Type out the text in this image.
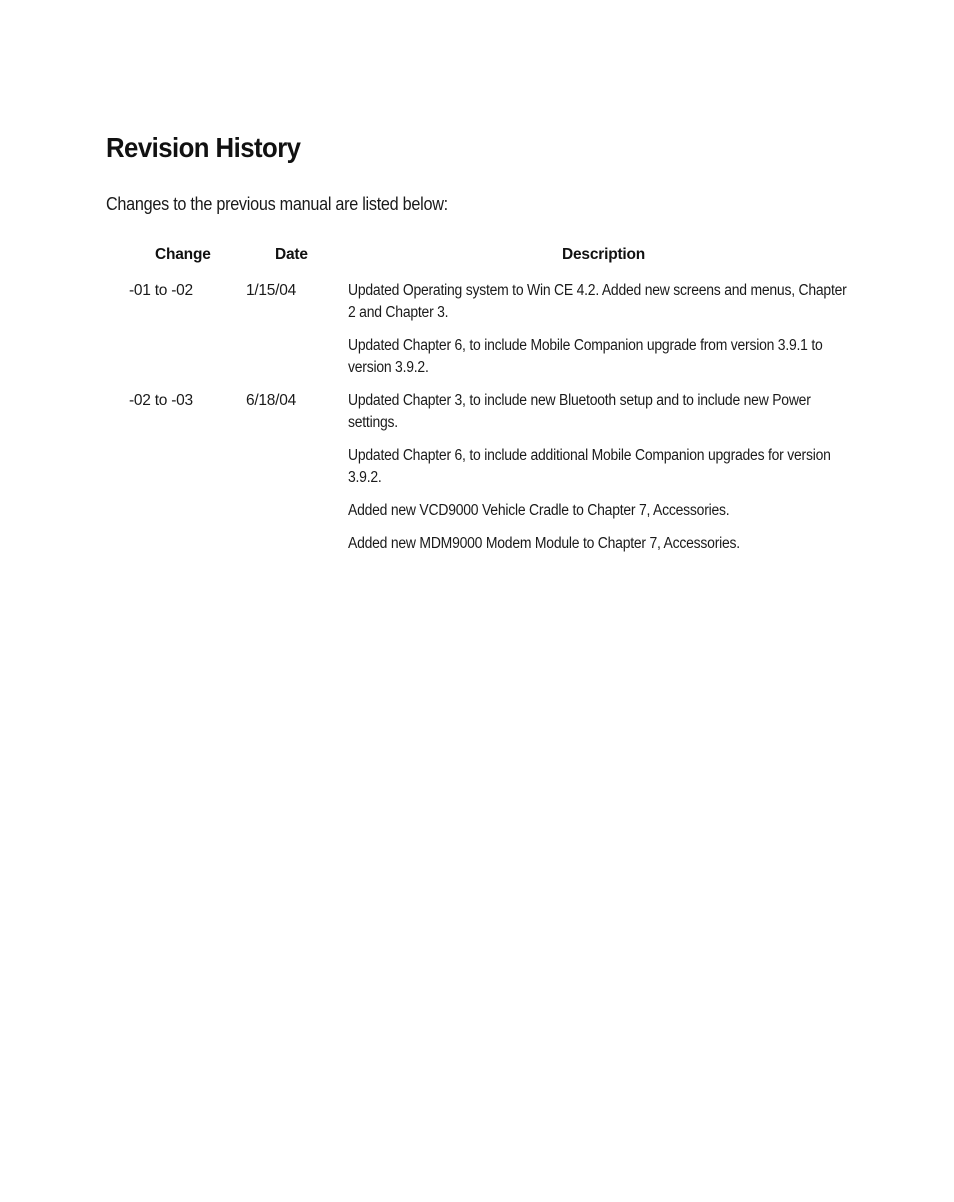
Revision History

Changes to the previous manual are listed below:

Change	Date	Description
-01 to -02	1/15/04	Updated Operating system to Win CE 4.2. Added new screens and menus, Chapter 2 and Chapter 3.
Updated Chapter 6, to include Mobile Companion upgrade from version 3.9.1 to version 3.9.2.
-02 to -03	6/18/04	Updated Chapter 3, to include new Bluetooth setup and to include new Power settings.
Updated Chapter 6, to include additional Mobile Companion upgrades for version 3.9.2.
Added new VCD9000 Vehicle Cradle to Chapter 7, Accessories.
Added new MDM9000 Modem Module to Chapter 7, Accessories.
